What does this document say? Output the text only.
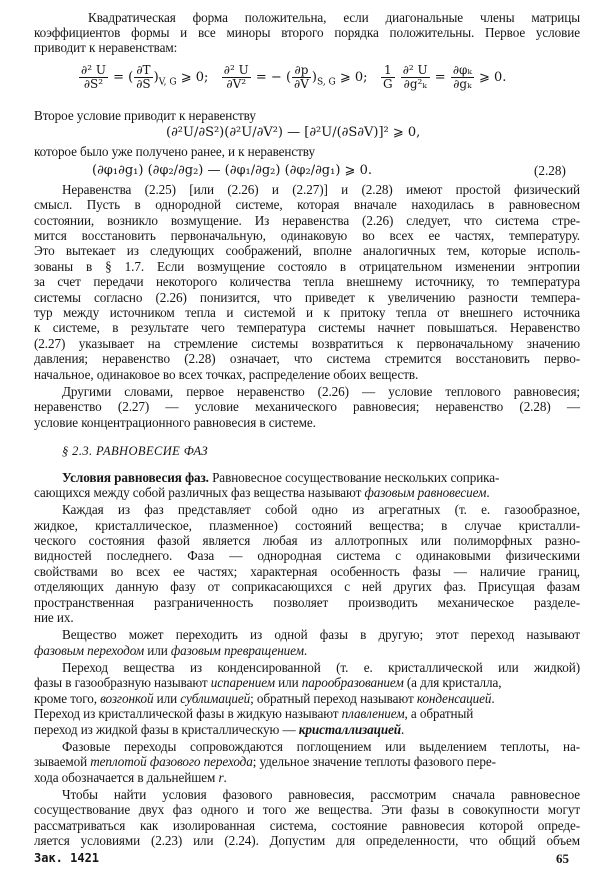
Квадратическая форма положительна, если диагональные члены матрицы
коэффициентов формы и все миноры второго порядка положительны. Первое условие
приводит к неравенствам:
$\frac{\text{∂² U}}{\text{∂S²}}$ = ( $\frac{\partial T}{\partial S} )_{V, G}$ ⩾ 0; $\frac{\text{∂² U}}{\text{∂V²}}$ = − ( $\frac{\partial p}{\partial V} )_{S, G}$ ⩾ 0; $\frac{1}{G}$
$\frac{\text{∂² U}}{\text{∂g²ₖ}} = \frac{\text{∂φₖ}}{\text{∂gₖ}}$ ⩾ 0.
Второе условие приводит к неравенству
(∂²U/∂S²)(∂²U/∂V²) — [∂²U/(∂S∂V)]² ⩾ 0,
которое было уже получено ранее, и к неравенству
(∂φ₁∂g₁) (∂φ₂/∂g₂) — (∂φ₁/∂g₂) (∂φ₂/∂g₁) ⩾ 0.	(2.28)
Неравенства (2.25) [или (2.26) и (2.27)] и (2.28) имеют простой физический
смысл. Пусть в однородной системе, которая вначале находилась в равновесном
состоянии, возникло возмущение. Из неравенства (2.26) следует, что система стре-
мится восстановить первоначальную, одинаковую во всех ее частях, температуру.
Это вытекает из следующих соображений, вполне аналогичных тем, которые исполь-
зованы в § 1.7. Если возмущение состояло в отрицательном изменении энтропии
за счет передачи некоторого количества тепла внешнему источнику, то температура
системы согласно (2.26) понизится, что приведет к увеличению разности темпера-
тур между источником тепла и системой и к притоку тепла от внешнего источника
к системе, в результате чего температура системы начнет повышаться. Неравенство
(2.27) указывает на стремление системы возвратиться к первоначальному значению
давления; неравенство (2.28) означает, что система стремится восстановить перво-
начальное, одинаковое во всех точках, распределение обоих веществ.
Другими словами, первое неравенство (2.26) — условие теплового равновесия;
неравенство (2.27) — условие механического равновесия; неравенство (2.28) —
условие концентрационного равновесия в системе.
§ 2.3. РАВНОВЕСИЕ ФАЗ
Условия равновесия фаз. Равновесное сосуществование нескольких соприка-
сающихся между собой различных фаз вещества называют фазовым равновесием.
Каждая из фаз представляет собой одно из агрегатных (т. е. газообразное,
жидкое, кристаллическое, плазменное) состояний вещества; в случае кристалли-
ческого состояния фазой является любая из аллотропных или полиморфных разно-
видностей последнего. Фаза — однородная система с одинаковыми физическими
свойствами во всех ее частях; характерная особенность фазы — наличие границ,
отделяющих данную фазу от соприкасающихся с ней других фаз. Присущая фазам
пространственная разграниченность позволяет производить механическое разделе-
ние их.
Вещество может переходить из одной фазы в другую; этот переход называют
фазовым переходом или фазовым превращением.
Переход вещества из конденсированной (т. е. кристаллической или жидкой)
фазы в газообразную называют испарением или парообразованием (а для кристалла,
кроме того, возгонкой или сублимацией; обратный переход называют конденсацией.
Переход из кристаллической фазы в жидкую называют плавлением, а обратный
переход из жидкой фазы в кристаллическую — кристаллизацией.
Фазовые переходы сопровождаются поглощением или выделением теплоты, на-
зываемой теплотой фазового перехода; удельное значение теплоты фазового пере-
хода обозначается в дальнейшем r.
Чтобы найти условия фазового равновесия, рассмотрим сначала равновесное
сосуществование двух фаз одного и того же вещества. Эти фазы в совокупности могут
рассматриваться как изолированная система, состояние равновесия которой опреде-
ляется условиями (2.23) или (2.24). Допустим для определенности, что общий объем
Зак. 1421	65
